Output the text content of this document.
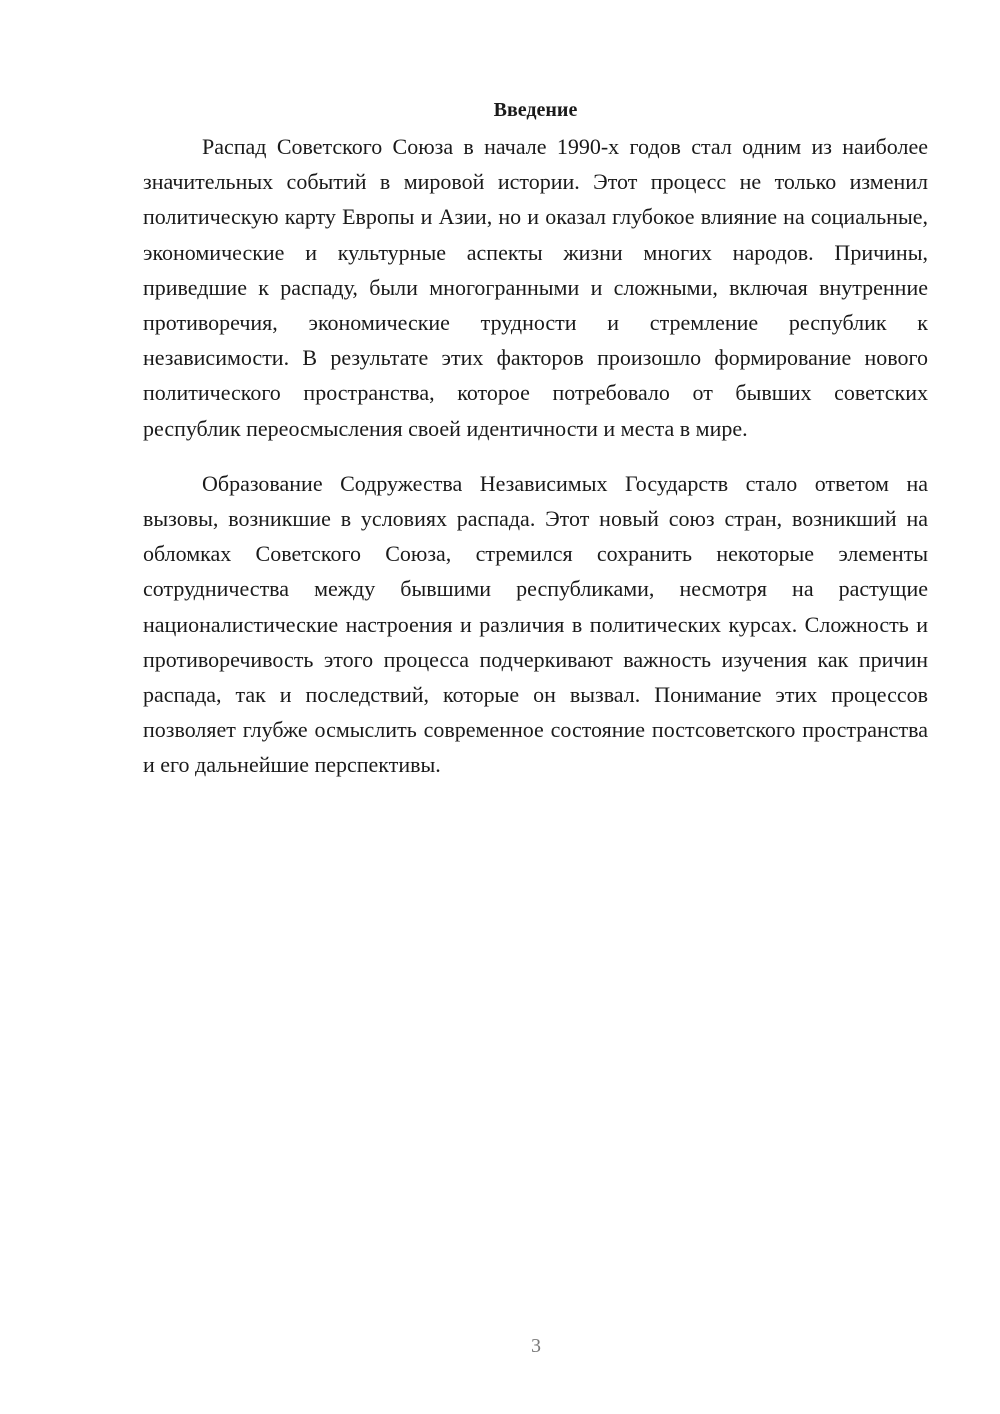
Введение

Распад Советского Союза в начале 1990-х годов стал одним из наиболее значительных событий в мировой истории. Этот процесс не только изменил политическую карту Европы и Азии, но и оказал глубокое влияние на социальные, экономические и культурные аспекты жизни многих народов. Причины, приведшие к распаду, были многогранными и сложными, включая внутренние противоречия, экономические трудности и стремление республик к независимости. В результате этих факторов произошло формирование нового политического пространства, которое потребовало от бывших советских республик переосмысления своей идентичности и места в мире.

Образование Содружества Независимых Государств стало ответом на вызовы, возникшие в условиях распада. Этот новый союз стран, возникший на обломках Советского Союза, стремился сохранить некоторые элементы сотрудничества между бывшими республиками, несмотря на растущие националистические настроения и различия в политических курсах. Сложность и противоречивость этого процесса подчеркивают важность изучения как причин распада, так и последствий, которые он вызвал. Понимание этих процессов позволяет глубже осмыслить современное состояние постсоветского пространства и его дальнейшие перспективы.

3
